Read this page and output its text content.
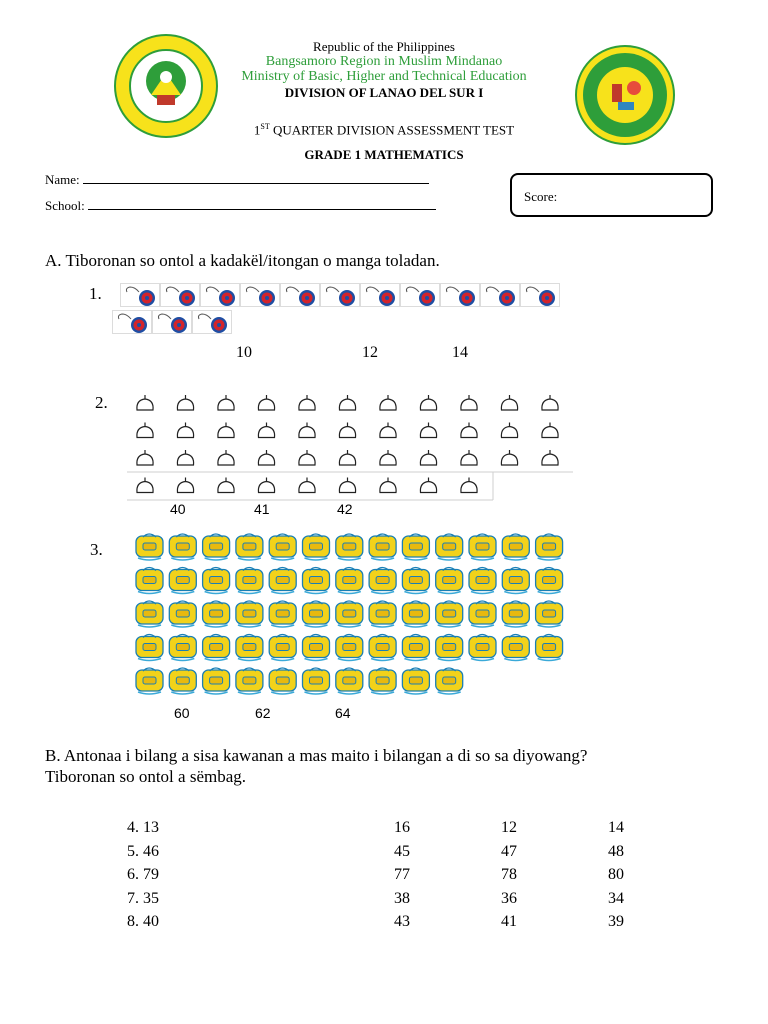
Republic of the Philippines
Bangsamoro Region in Muslim Mindanao
Ministry of Basic, Higher and Technical Education
DIVISION OF LANAO DEL SUR I
1ST QUARTER DIVISION ASSESSMENT TEST
GRADE 1 MATHEMATICS
Name:
School:
Score:
A. Tiboronan so ontol a kadakël/itongan o manga toladan.
1.
10	12	14
2.
40	41	42
3.
60	62	64
B. Antonaa i bilang a sisa kawanan a mas maito i bilangan a di so sa diyowang?
Tiboronan so ontol a sëmbag.
4. 13	16	12	14
5. 46	45	47	48
6. 79	77	78	80
7. 35	38	36	34
8. 40	43	41	39
